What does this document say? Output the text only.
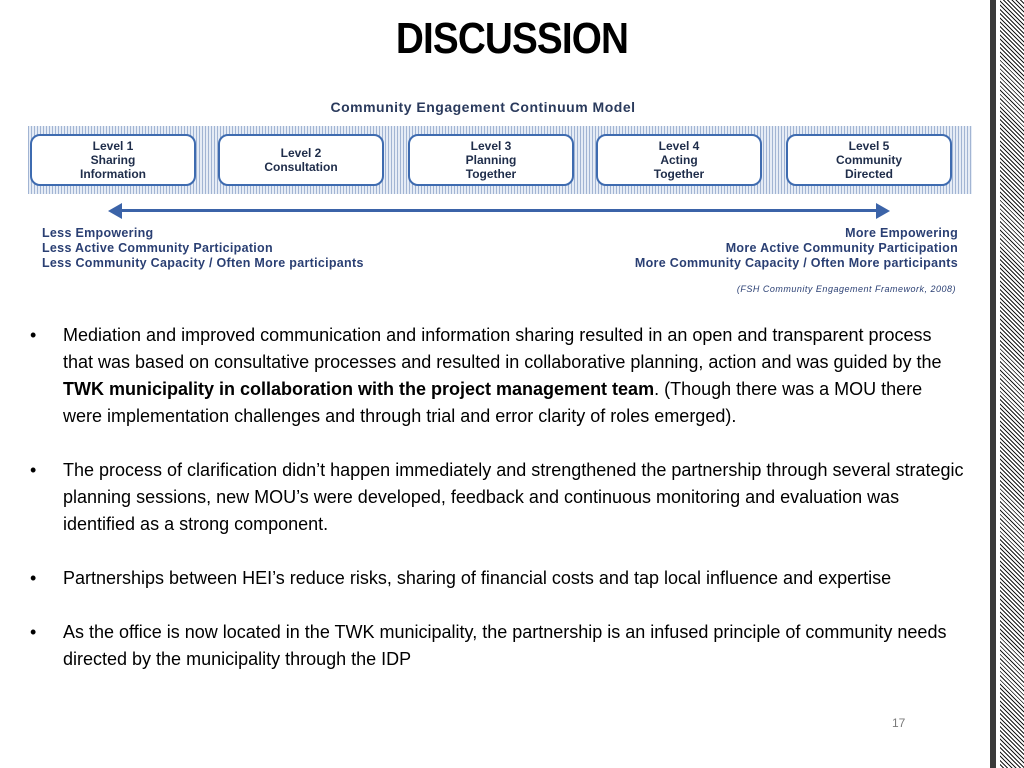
DISCUSSION
Community Engagement Continuum Model
Level 1
Sharing
Information
Level 2
Consultation
Level 3
Planning
Together
Level 4
Acting
Together
Level 5
Community
Directed
Less Empowering
Less Active Community Participation
Less Community Capacity / Often More participants
More Empowering
More Active Community Participation
More Community Capacity / Often More participants
(FSH Community Engagement Framework, 2008)
• Mediation and improved communication and information sharing resulted in an open and transparent process that was based on consultative processes and resulted in collaborative planning, action and was guided by the TWK municipality in collaboration with the project management team. (Though there was a MOU there were implementation challenges and through trial and error clarity of roles emerged).
• The process of clarification didn’t happen immediately and strengthened the partnership through several strategic planning sessions, new MOU’s were developed, feedback and continuous monitoring and evaluation was identified as a strong component.
• Partnerships between HEI’s reduce risks, sharing of financial costs and tap local influence and expertise
• As the office is now located in the TWK municipality, the partnership is an infused principle of community needs directed by the municipality through the IDP
17
